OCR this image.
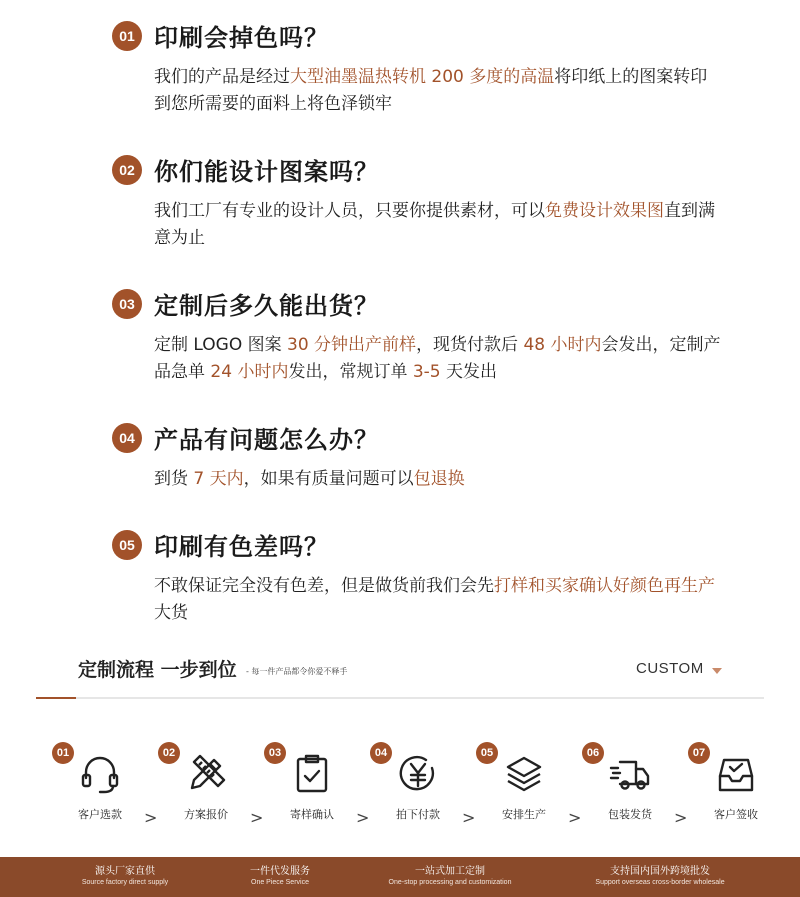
01 印刷会掉色吗？
我们的产品是经过大型油墨温热转机 200 多度的高温将印纸上的图案转印到您所需要的面料上将色泽锁牢
02 你们能设计图案吗？
我们工厂有专业的设计人员，只要你提供素材，可以免费设计效果图直到满意为止
03 定制后多久能出货？
定制 LOGO 图案 30 分钟出产前样，现货付款后 48 小时内会发出，定制产品急单 24 小时内发出，常规订单 3-5 天发出
04 产品有问题怎么办？
到货 7 天内，如果有质量问题可以包退换
05 印刷有色差吗？
不敢保证完全没有色差，但是做货前我们会先打样和买家确认好颜色再生产大货
定制流程 一步到位 - 每一件产品都令你爱不释手	CUSTOM
01
客户选款	>
02
方案报价	>
03
寄样确认	>
04
拍下付款	>
05
安排生产	>
06
包装发货	>
07
客户签收
源头厂家直供
Source factory direct supply
一件代发服务
One Piece Service
一站式加工定制
One-stop processing and customization
支持国内国外跨境批发
Support overseas cross-border wholesale
